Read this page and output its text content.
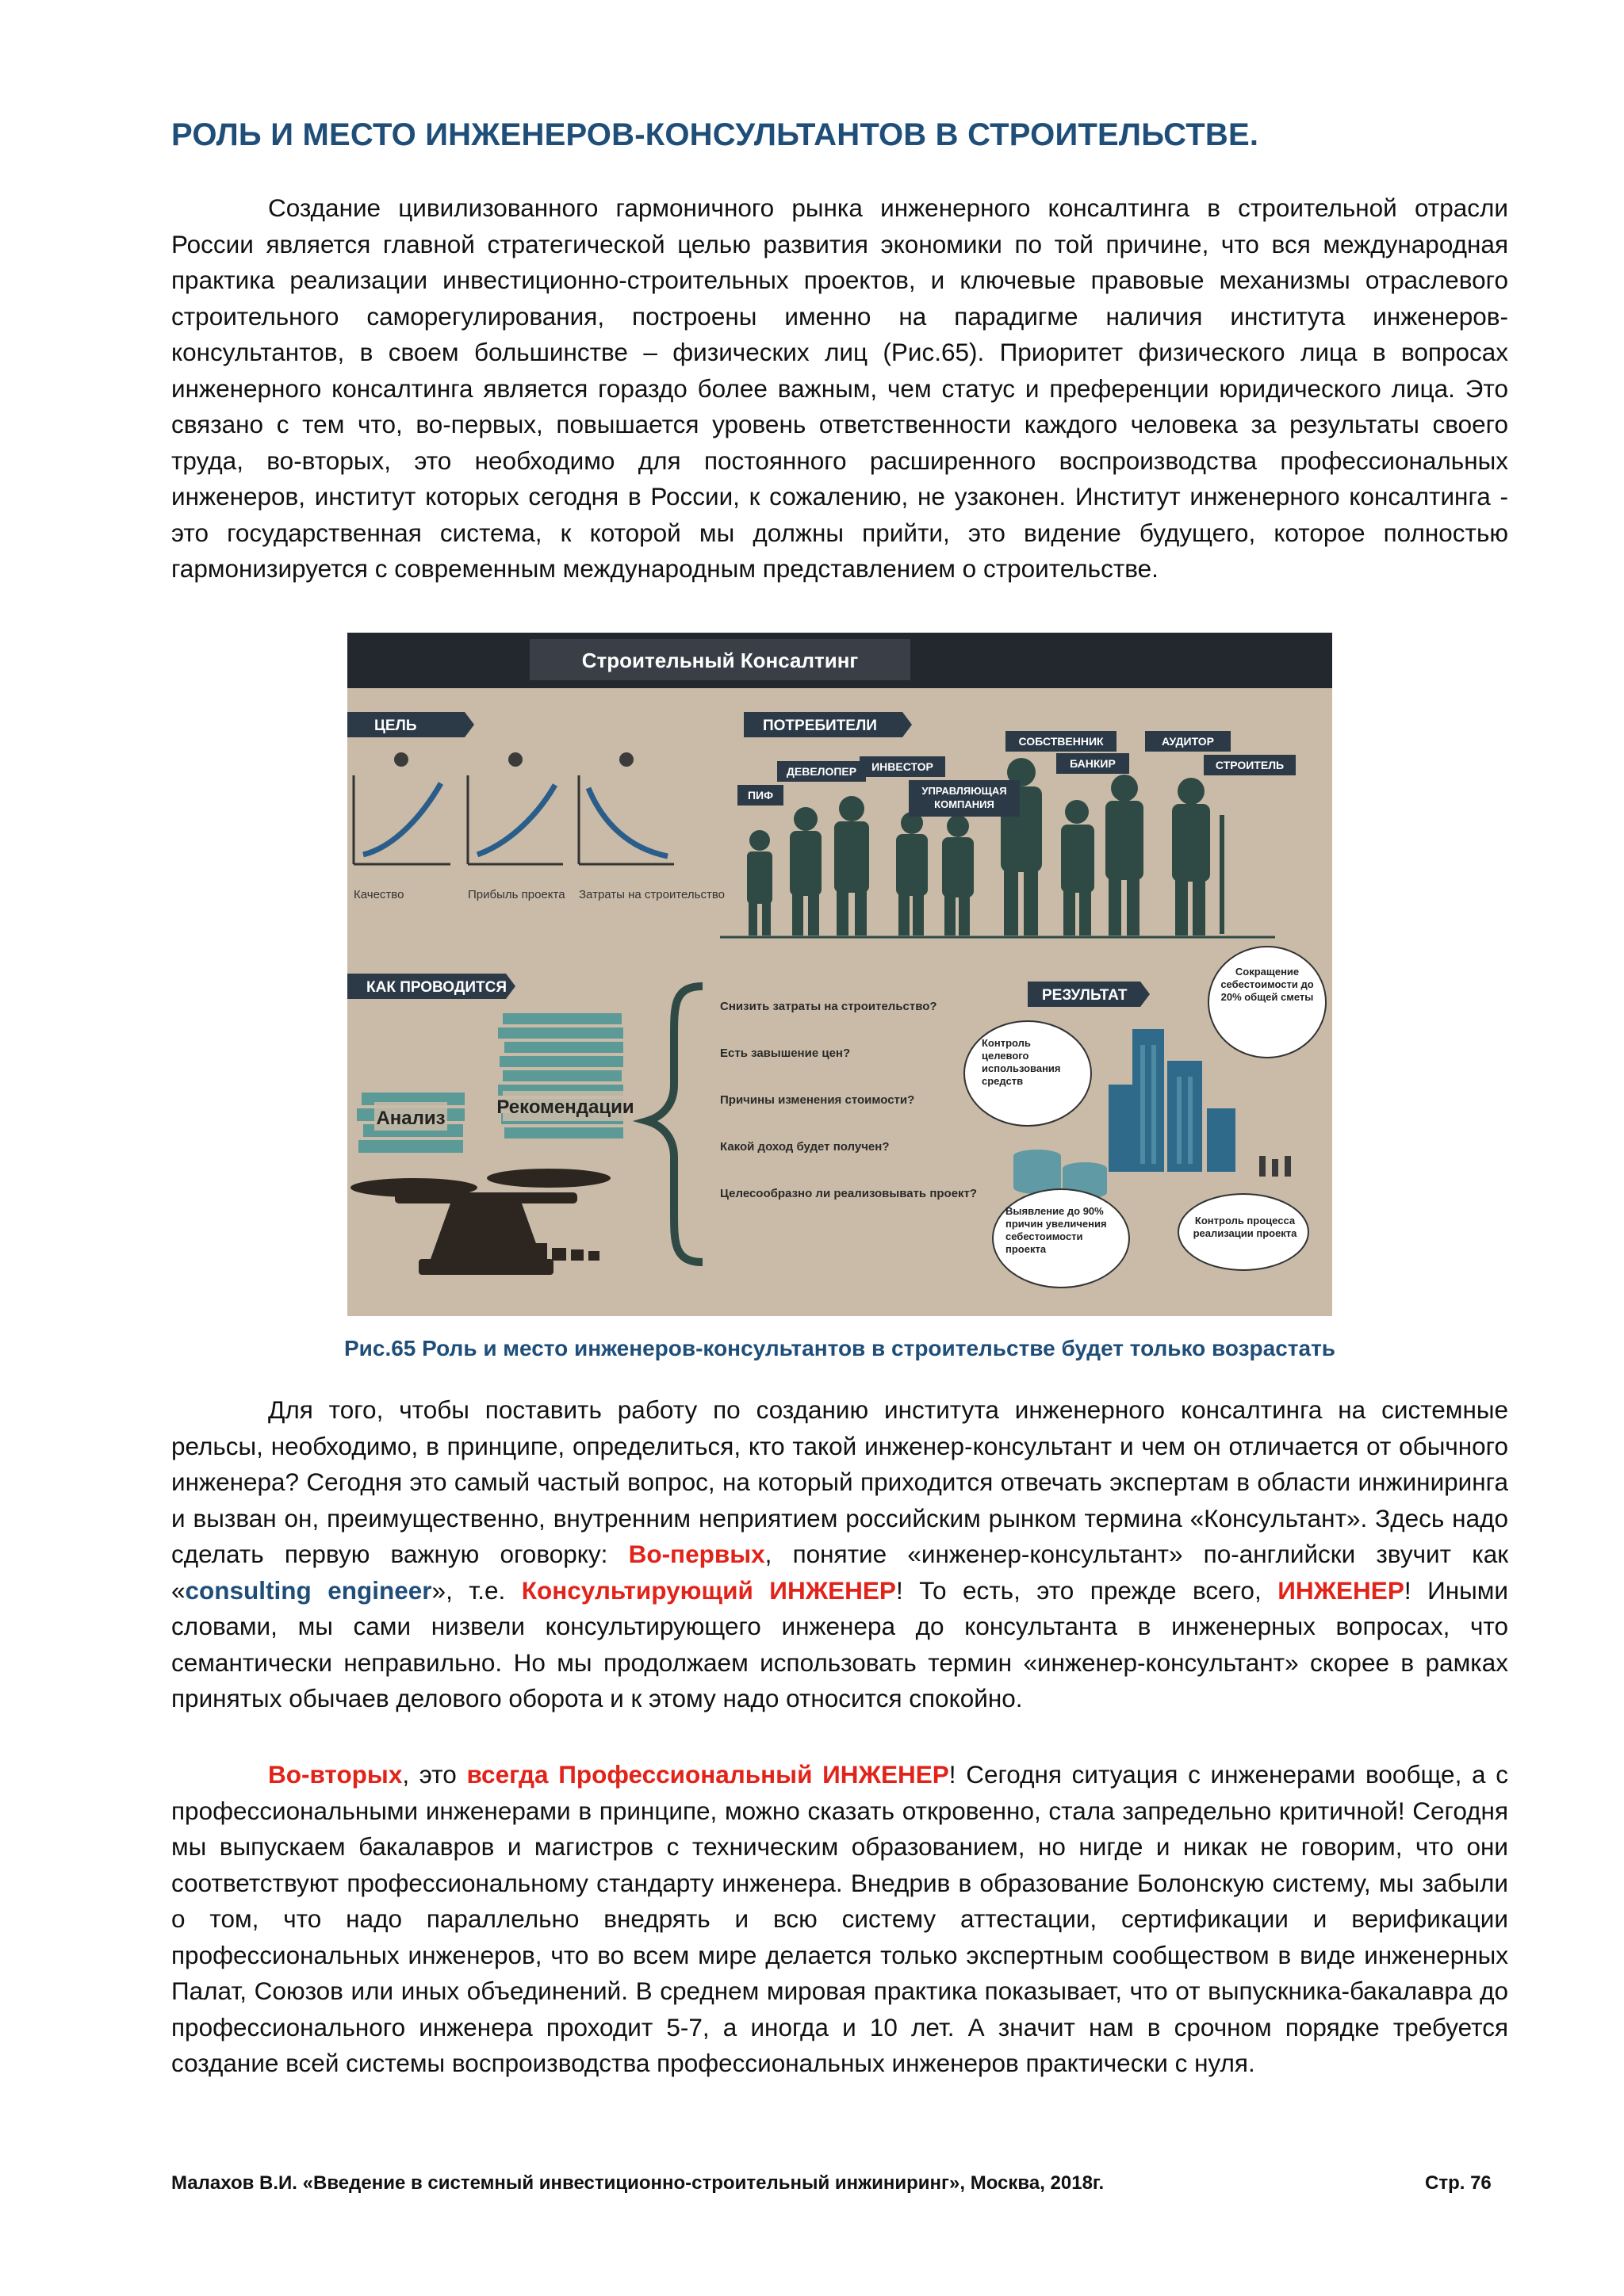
РОЛЬ И МЕСТО ИНЖЕНЕРОВ-КОНСУЛЬТАНТОВ В СТРОИТЕЛЬСТВЕ.

Создание цивилизованного гармоничного рынка инженерного консалтинга в строительной отрасли России является главной стратегической целью развития экономики по той причине, что вся международная практика реализации инвестиционно-строительных проектов, и ключевые правовые механизмы отраслевого строительного саморегулирования, построены именно на парадигме наличия института инженеров-консультантов, в своем большинстве – физических лиц (Рис.65). Приоритет физического лица в вопросах инженерного консалтинга является гораздо более важным, чем статус и преференции юридического лица. Это связано с тем что, во-первых, повышается уровень ответственности каждого человека за результаты своего труда, во-вторых, это необходимо для постоянного расширенного воспроизводства профессиональных инженеров, институт которых сегодня в России, к сожалению, не узаконен. Институт инженерного консалтинга - это государственная система, к которой мы должны прийти, это видение будущего, которое полностью гармонизируется с современным международным представлением о строительстве.

Строительный Консалтинг
ЦЕЛЬ
Качество	Прибыль проекта Затраты на строительство
ПОТРЕБИТЕЛИ
ПИФ
ДЕВЕЛОПЕР ИНВЕСТОР
УПРАВЛЯЮЩАЯ КОМПАНИЯ
СОБСТВЕННИК
БАНКИР
АУДИТОР
СТРОИТЕЛЬ
КАК ПРОВОДИТСЯ
Анализ
Рекомендации
Снизить затраты на строительство?
Есть завышение цен?
Причины изменения стоимости?
Какой доход будет получен?
Целесообразно ли реализовывать проект?
РЕЗУЛЬТАТ
Контроль целевого использования средств
Сокращение себестоимости до 20% общей сметы
Выявление до 90% причин увеличения себестоимости проекта
Контроль процесса реализации проекта

Рис.65 Роль и место инженеров-консультантов в строительстве будет только возрастать

Для того, чтобы поставить работу по созданию института инженерного консалтинга на системные рельсы, необходимо, в принципе, определиться, кто такой инженер-консультант и чем он отличается от обычного инженера? Сегодня это самый частый вопрос, на который приходится отвечать экспертам в области инжиниринга и вызван он, преимущественно, внутренним неприятием российским рынком термина «Консультант». Здесь надо сделать первую важную оговорку: Во-первых, понятие «инженер-консультант» по-английски звучит как «consulting engineer», т.е. Консультирующий ИНЖЕНЕР! То есть, это прежде всего, ИНЖЕНЕР! Иными словами, мы сами низвели консультирующего инженера до консультанта в инженерных вопросах, что семантически неправильно. Но мы продолжаем использовать термин «инженер-консультант» скорее в рамках принятых обычаев делового оборота и к этому надо относится спокойно.

Во-вторых, это всегда Профессиональный ИНЖЕНЕР! Сегодня ситуация с инженерами вообще, а с профессиональными инженерами в принципе, можно сказать откровенно, стала запредельно критичной! Сегодня мы выпускаем бакалавров и магистров с техническим образованием, но нигде и никак не говорим, что они соответствуют профессиональному стандарту инженера. Внедрив в образование Болонскую систему, мы забыли о том, что надо параллельно внедрять и всю систему аттестации, сертификации и верификации профессиональных инженеров, что во всем мире делается только экспертным сообществом в виде инженерных Палат, Союзов или иных объединений. В среднем мировая практика показывает, что от выпускника-бакалавра до профессионального инженера проходит 5-7, а иногда и 10 лет. А значит нам в срочном порядке требуется создание всей системы воспроизводства профессиональных инженеров практически с нуля.

Малахов В.И. «Введение в системный инвестиционно-строительный инжиниринг», Москва, 2018г.	Стр. 76
